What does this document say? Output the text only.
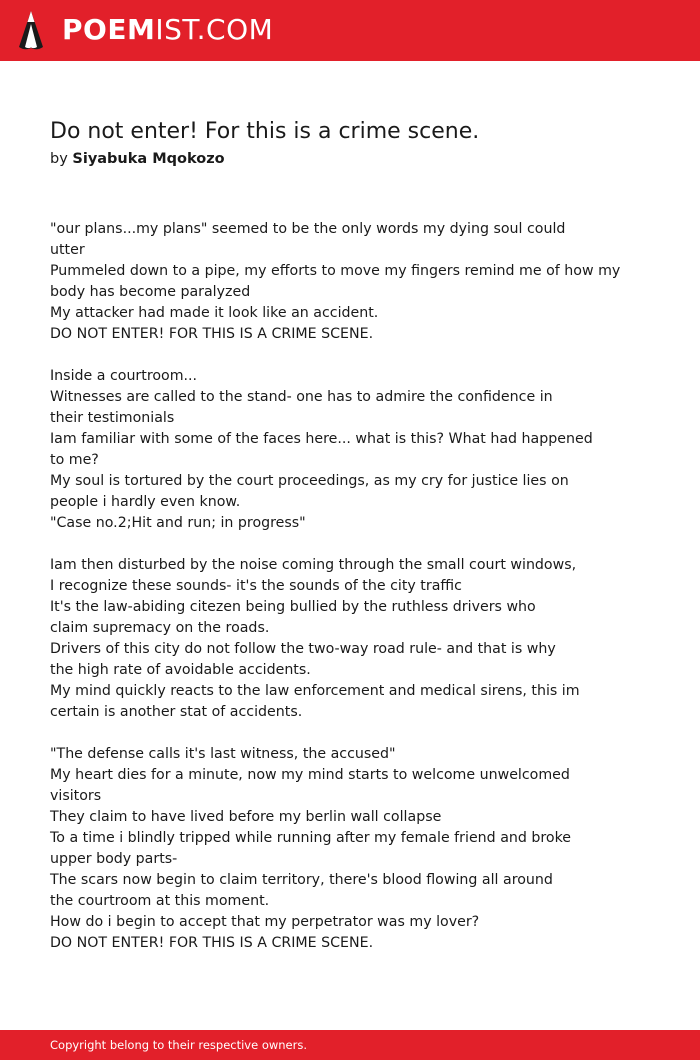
POEMIST.COM
Do not enter! For this is a crime scene.
by Siyabuka Mqokozo
"our plans...my plans" seemed to be the only words my dying soul could
utter
Pummeled down to a pipe, my efforts to move my fingers remind me of how my
body has become paralyzed
My attacker had made it look like an accident.
DO NOT ENTER! FOR THIS IS A CRIME SCENE.
Inside a courtroom...
Witnesses are called to the stand- one has to admire the confidence in
their testimonials
Iam familiar with some of the faces here... what is this? What had happened
to me?
My soul is tortured by the court proceedings, as my cry for justice lies on
people i hardly even know.
"Case no.2;Hit and run; in progress"
Iam then disturbed by the noise coming through the small court windows,
I recognize these sounds- it's the sounds of the city traffic
It's the law-abiding citezen being bullied by the ruthless drivers who
claim supremacy on the roads.
Drivers of this city do not follow the two-way road rule- and that is why
the high rate of avoidable accidents.
My mind quickly reacts to the law enforcement and medical sirens, this im
certain is another stat of accidents.
"The defense calls it's last witness, the accused"
My heart dies for a minute, now my mind starts to welcome unwelcomed
visitors
They claim to have lived before my berlin wall collapse
To a time i blindly tripped while running after my female friend and broke
upper body parts-
The scars now begin to claim territory, there's blood flowing all around
the courtroom at this moment.
How do i begin to accept that my perpetrator was my lover?
DO NOT ENTER! FOR THIS IS A CRIME SCENE.
Copyright belong to their respective owners.
